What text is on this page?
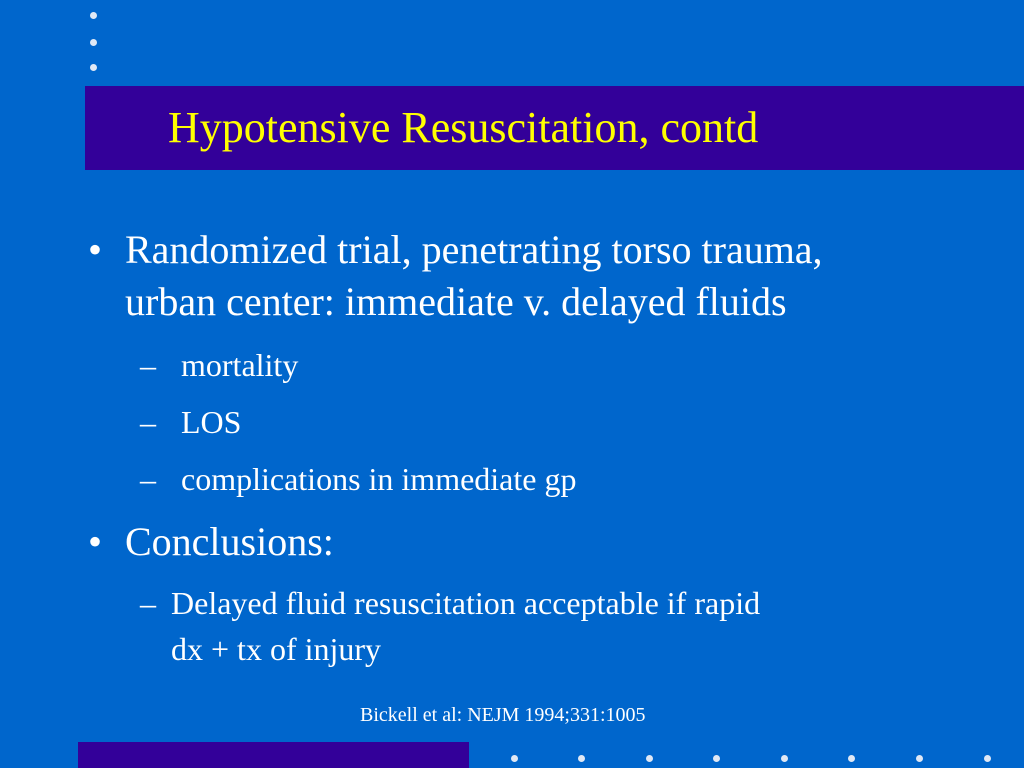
Hypotensive Resuscitation, contd
• Randomized trial, penetrating torso trauma,
urban center: immediate v. delayed fluids
– mortality
– LOS
– complications in immediate gp
• Conclusions:
– Delayed fluid resuscitation acceptable if rapid
dx + tx of injury
Bickell et al: NEJM 1994;331:1005
